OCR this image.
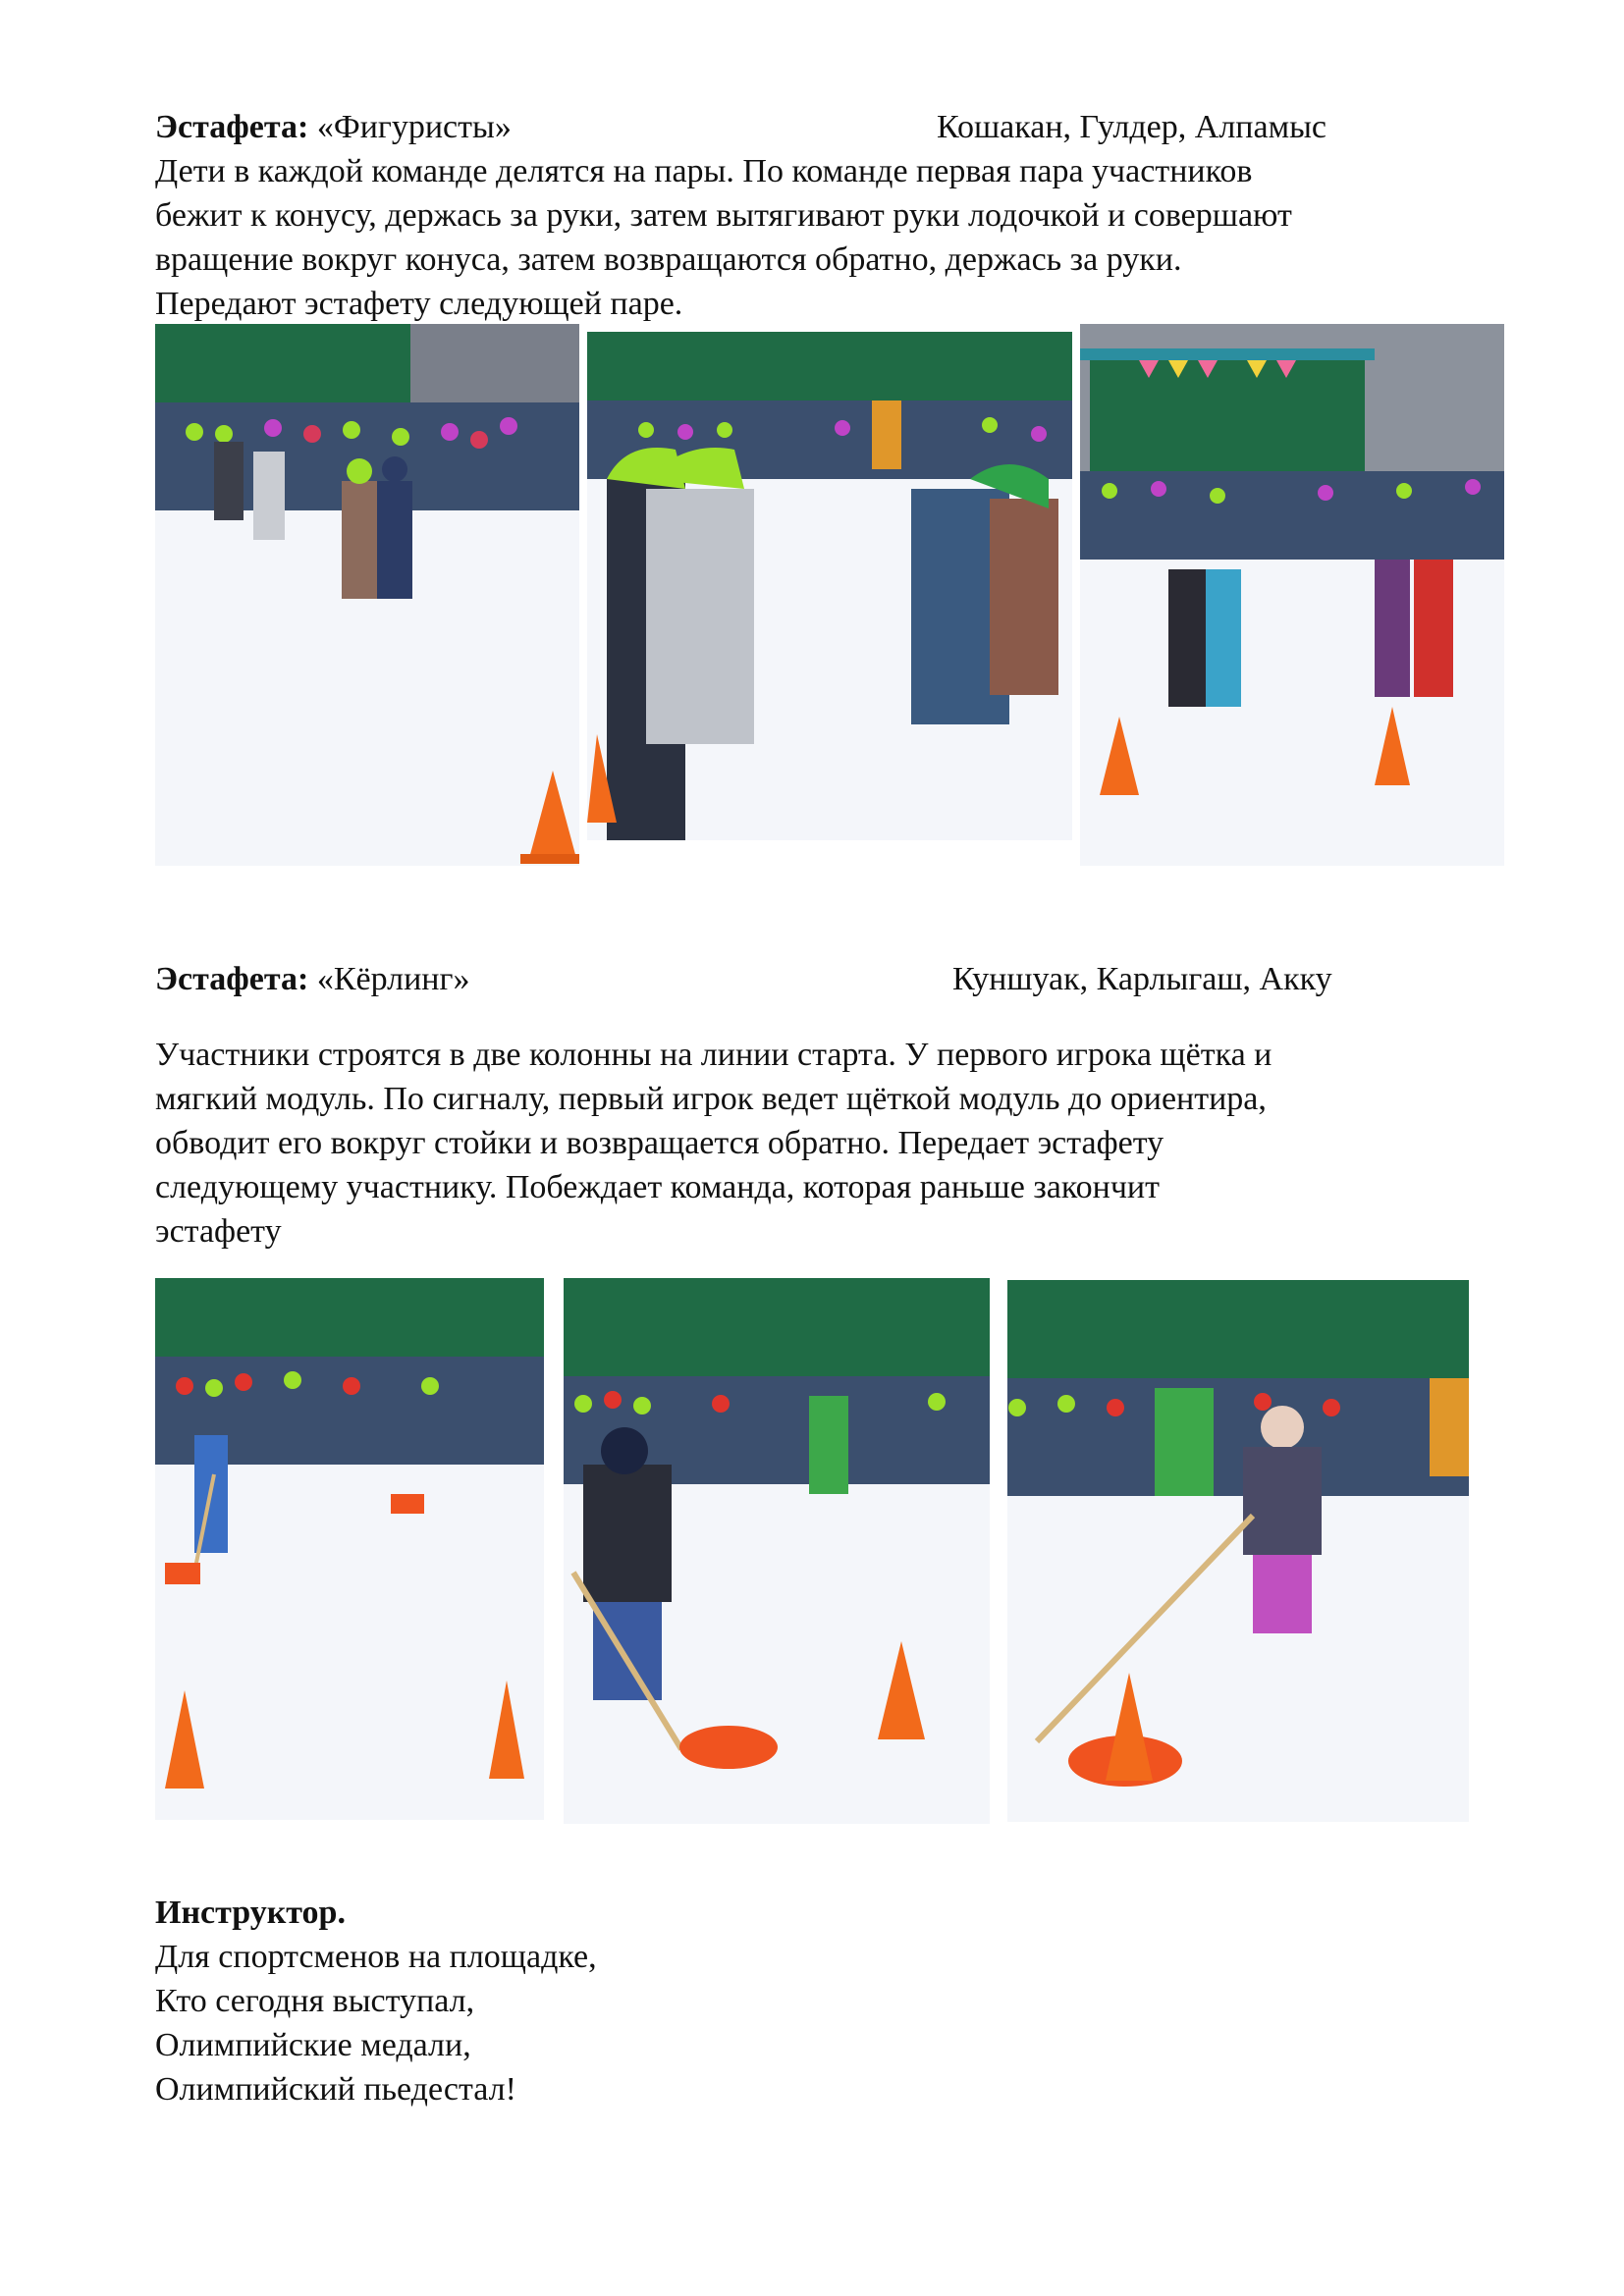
Эстафета: «Фигуристы»	Кошакан, Гулдер, Алпамыс
Дети в каждой команде делятся на пары. По команде первая пара участников
бежит к конусу, держась за руки, затем вытягивают руки лодочкой и совершают
вращение вокруг конуса, затем возвращаются обратно, держась за руки.
Передают эстафету следующей паре.
Эстафета: «Кёрлинг»	Куншуак, Карлыгаш, Акку
Участники строятся в две колонны на линии старта. У первого игрока щётка и
мягкий модуль. По сигналу, первый игрок ведет щёткой модуль до ориентира,
обводит его вокруг стойки и возвращается обратно. Передает эстафету
следующему участнику. Побеждает команда, которая раньше закончит
эстафету
Инструктор.
Для спортсменов на площадке,
Кто сегодня выступал,
Олимпийские медали,
Олимпийский пьедестал!
